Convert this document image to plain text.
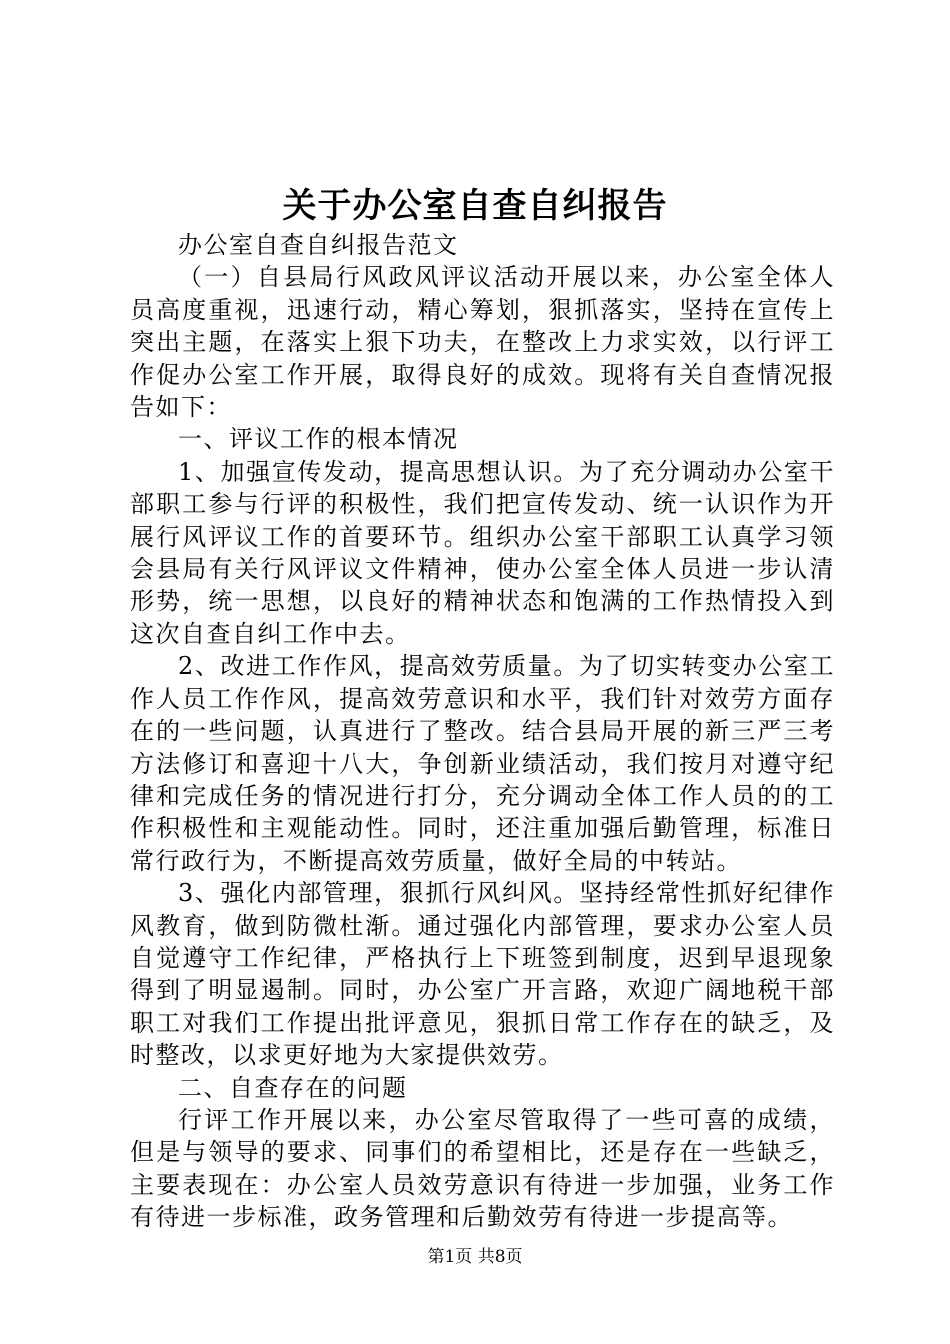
关于办公室自查自纠报告

办公室自查自纠报告范文

（一）自县局行风政风评议活动开展以来，办公室全体人员高度重视，迅速行动，精心筹划，狠抓落实，坚持在宣传上突出主题，在落实上狠下功夫，在整改上力求实效，以行评工作促办公室工作开展，取得良好的成效。现将有关自查情况报告如下：

一、评议工作的根本情况

1、加强宣传发动，提高思想认识。为了充分调动办公室干部职工参与行评的积极性，我们把宣传发动、统一认识作为开展行风评议工作的首要环节。组织办公室干部职工认真学习领会县局有关行风评议文件精神，使办公室全体人员进一步认清形势，统一思想，以良好的精神状态和饱满的工作热情投入到这次自查自纠工作中去。

2、改进工作作风，提高效劳质量。为了切实转变办公室工作人员工作作风，提高效劳意识和水平，我们针对效劳方面存在的一些问题，认真进行了整改。结合县局开展的新三严三考方法修订和喜迎十八大，争创新业绩活动，我们按月对遵守纪律和完成任务的情况进行打分，充分调动全体工作人员的的工作积极性和主观能动性。同时，还注重加强后勤管理，标准日常行政行为，不断提高效劳质量，做好全局的中转站。

3、强化内部管理，狠抓行风纠风。坚持经常性抓好纪律作风教育，做到防微杜渐。通过强化内部管理，要求办公室人员自觉遵守工作纪律，严格执行上下班签到制度，迟到早退现象得到了明显遏制。同时，办公室广开言路，欢迎广阔地税干部职工对我们工作提出批评意见，狠抓日常工作存在的缺乏，及时整改，以求更好地为大家提供效劳。

二、自查存在的问题

行评工作开展以来，办公室尽管取得了一些可喜的成绩，但是与领导的要求、同事们的希望相比，还是存在一些缺乏，主要表现在：办公室人员效劳意识有待进一步加强，业务工作有待进一步标准，政务管理和后勤效劳有待进一步提高等。

第1页 共8页
